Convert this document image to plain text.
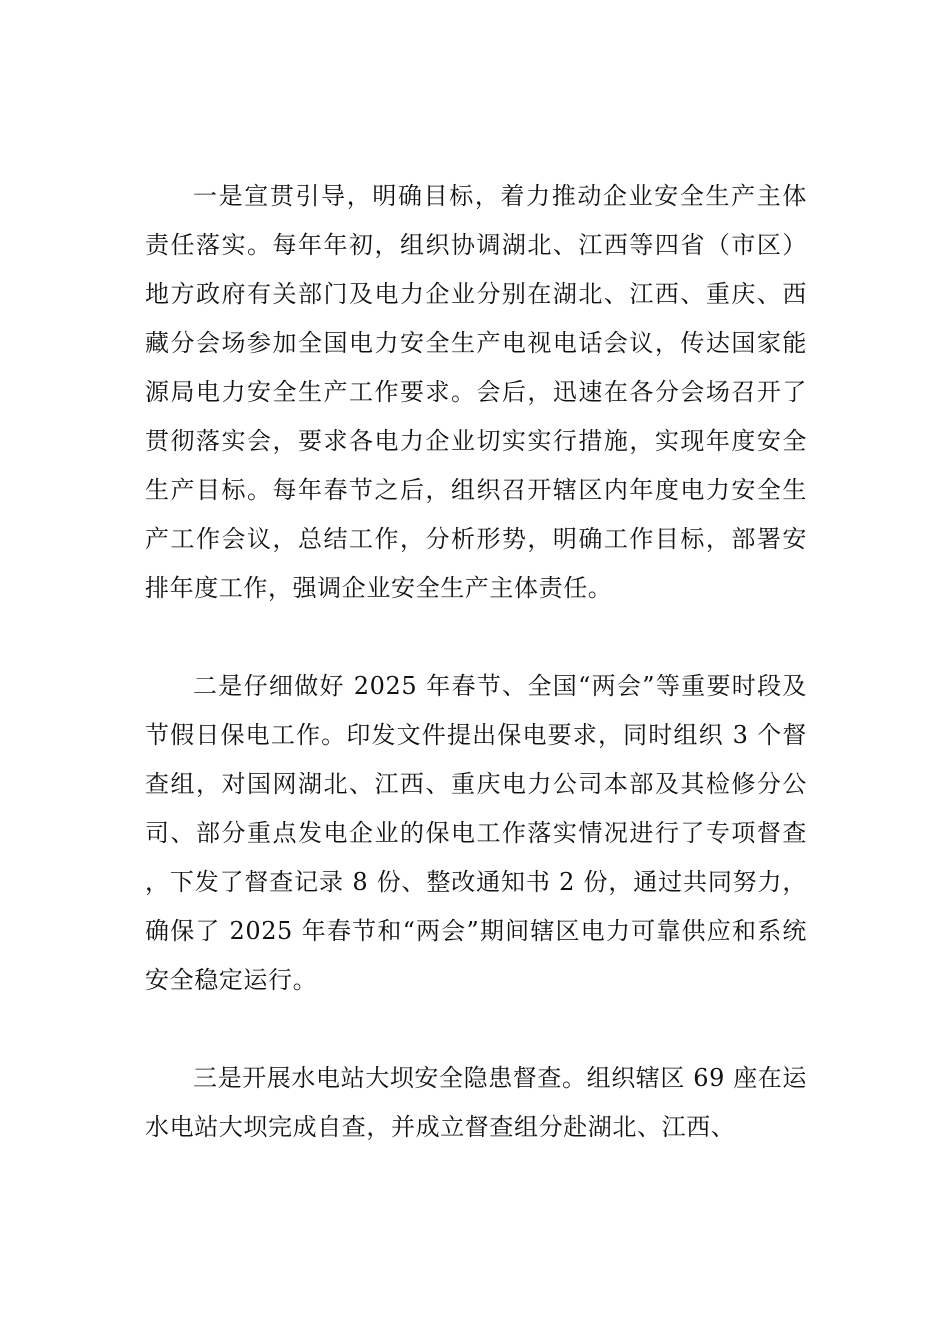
一是宣贯引导，明确目标，着力推动企业安全生产主体责任落实。每年年初，组织协调湖北、江西等四省（市区）地方政府有关部门及电力企业分别在湖北、江西、重庆、西藏分会场参加全国电力安全生产电视电话会议，传达国家能源局电力安全生产工作要求。会后，迅速在各分会场召开了贯彻落实会，要求各电力企业切实实行措施，实现年度安全生产目标。每年春节之后，组织召开辖区内年度电力安全生产工作会议，总结工作，分析形势，明确工作目标，部署安排年度工作，强调企业安全生产主体责任。

二是仔细做好 2025 年春节、全国“两会”等重要时段及节假日保电工作。印发文件提出保电要求，同时组织 3 个督查组，对国网湖北、江西、重庆电力公司本部及其检修分公司、部分重点发电企业的保电工作落实情况进行了专项督查，下发了督查记录 8 份、整改通知书 2 份，通过共同努力，确保了 2025 年春节和“两会”期间辖区电力可靠供应和系统安全稳定运行。

三是开展水电站大坝安全隐患督查。组织辖区 69 座在运水电站大坝完成自查，并成立督查组分赴湖北、江西、
